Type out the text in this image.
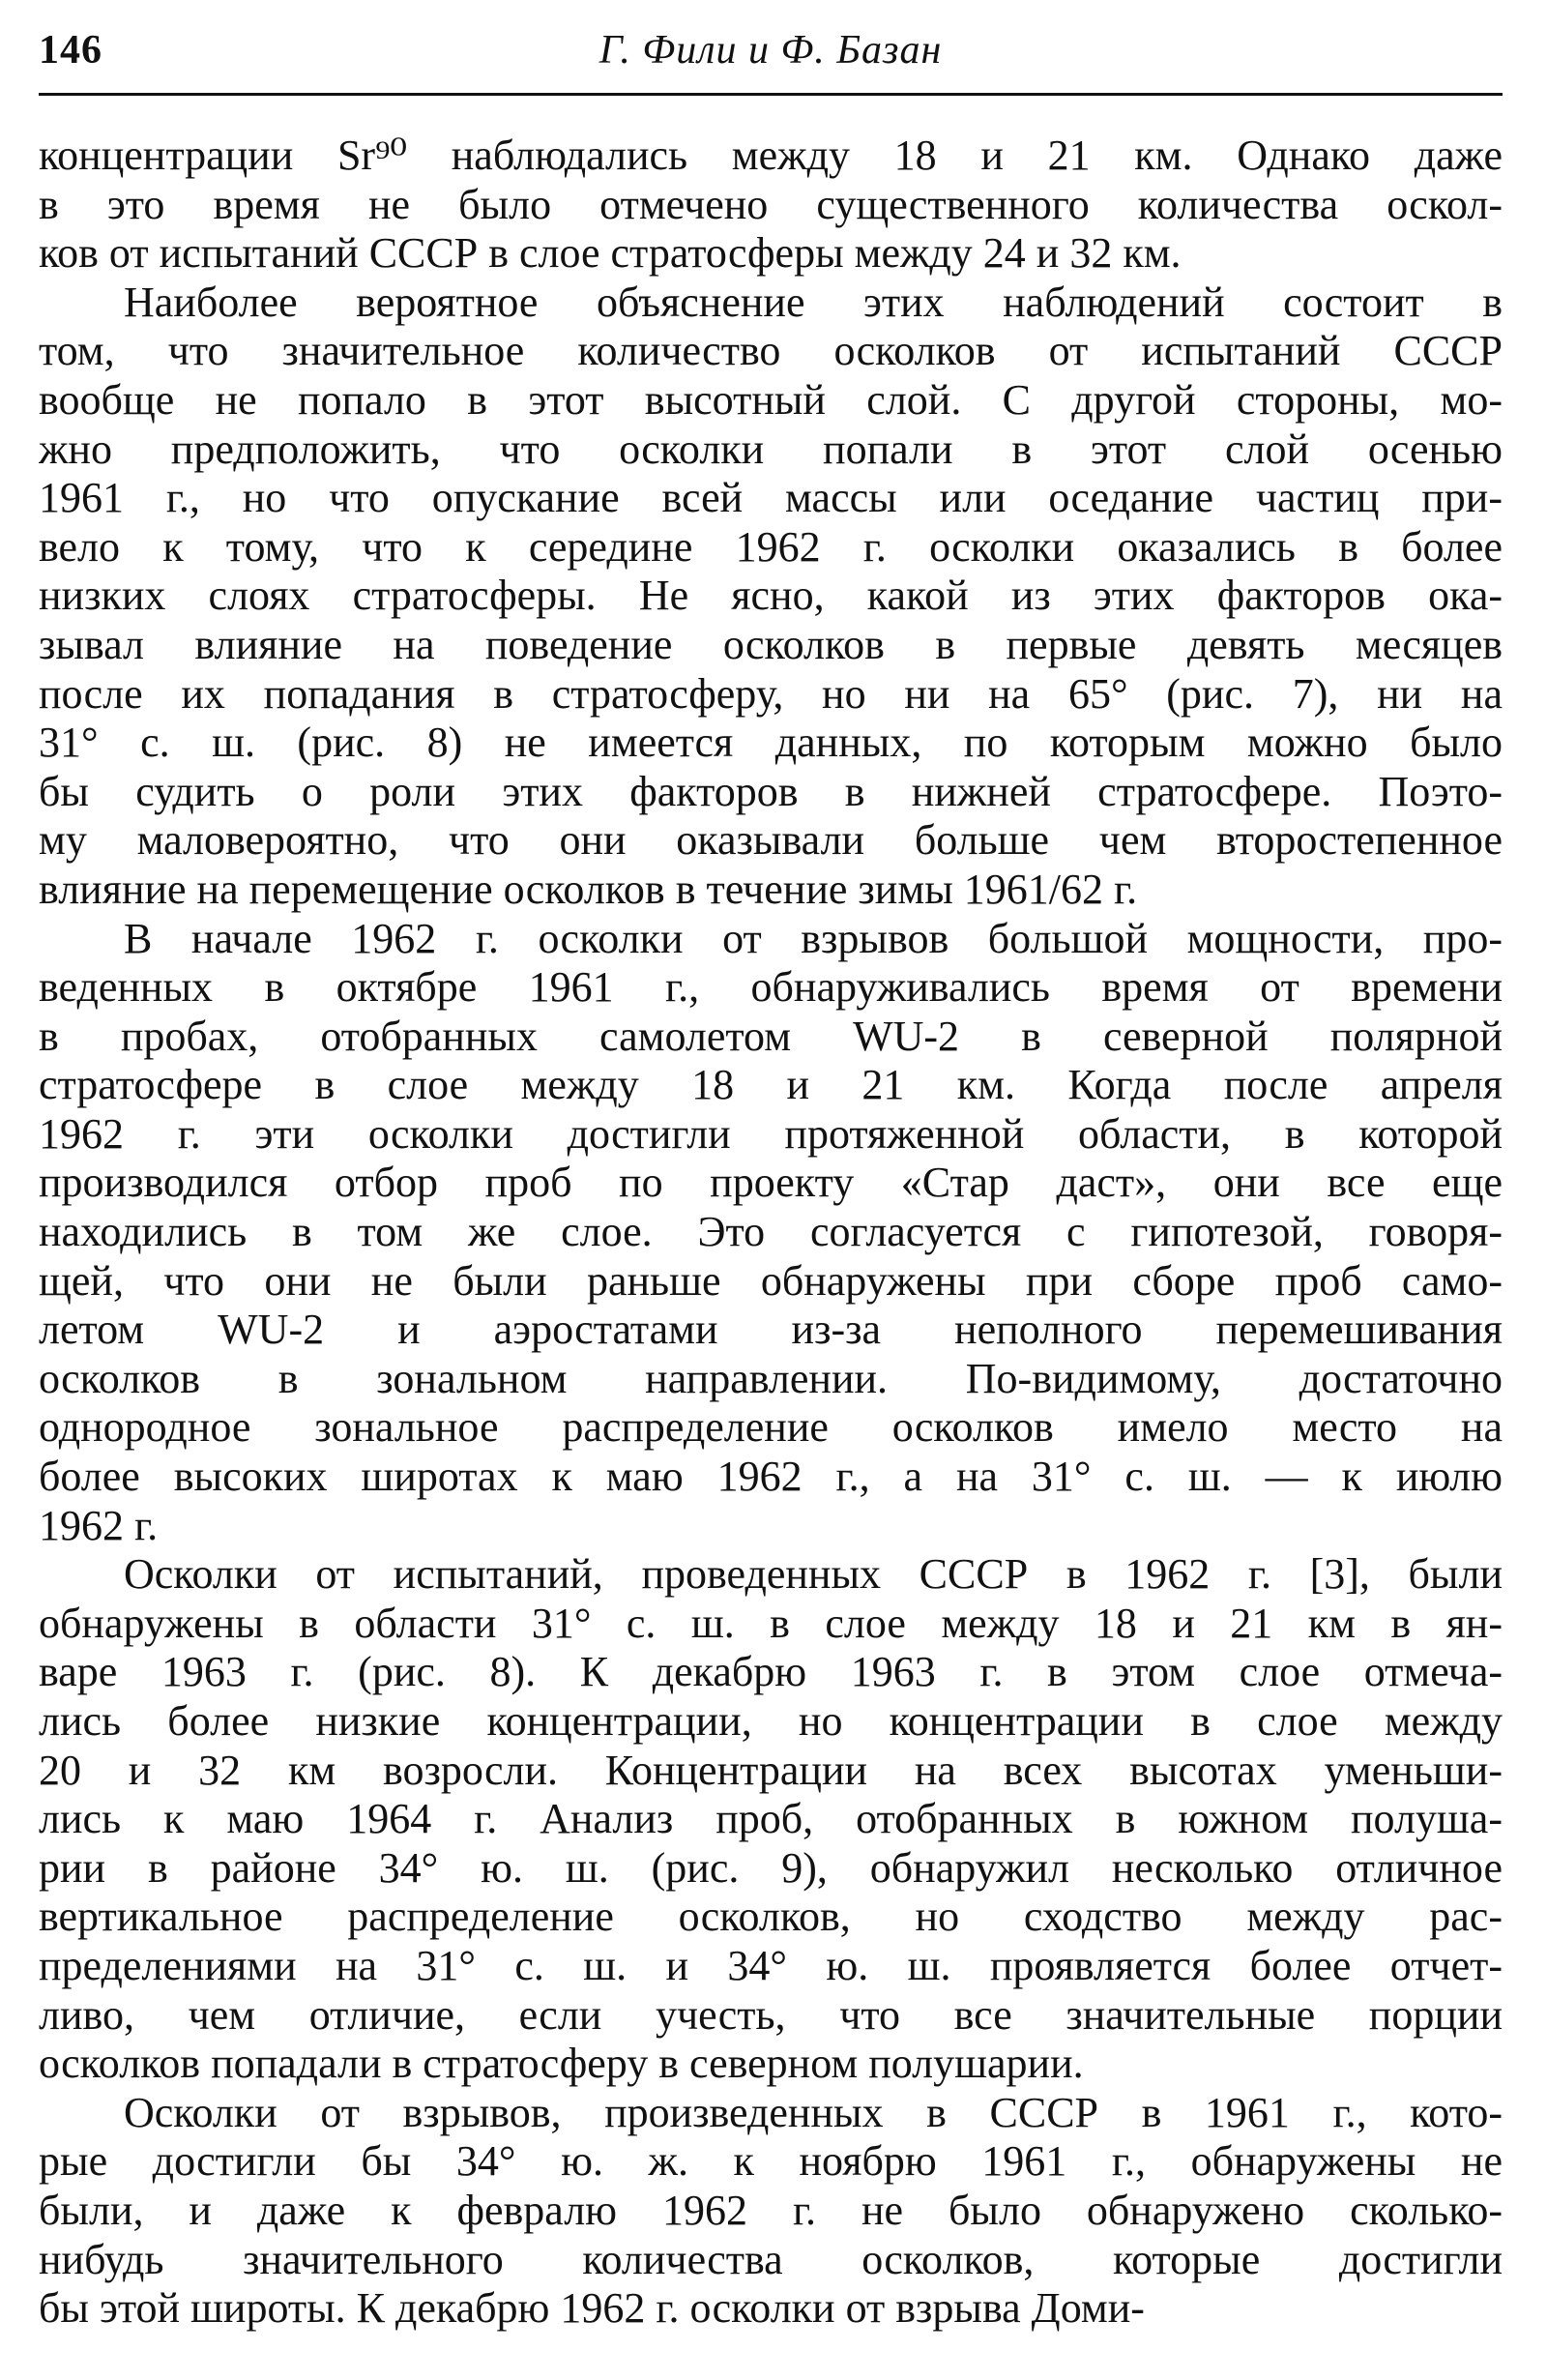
146	Г. Фили и Ф. Базан
концентрации Sr⁹⁰ наблюдались между 18 и 21 км. Однако даже
в это время не было отмечено существенного количества оскол-
ков от испытаний СССР в слое стратосферы между 24 и 32 км.
Наиболее вероятное объяснение этих наблюдений состоит в
том, что значительное количество осколков от испытаний СССР
вообще не попало в этот высотный слой. С другой стороны, мо-
жно предположить, что осколки попали в этот слой осенью
1961 г., но что опускание всей массы или оседание частиц при-
вело к тому, что к середине 1962 г. осколки оказались в более
низких слоях стратосферы. Не ясно, какой из этих факторов ока-
зывал влияние на поведение осколков в первые девять месяцев
после их попадания в стратосферу, но ни на 65° (рис. 7), ни на
31° с. ш. (рис. 8) не имеется данных, по которым можно было
бы судить о роли этих факторов в нижней стратосфере. Поэто-
му маловероятно, что они оказывали больше чем второстепенное
влияние на перемещение осколков в течение зимы 1961/62 г.
В начале 1962 г. осколки от взрывов большой мощности, про-
веденных в октябре 1961 г., обнаруживались время от времени
в пробах, отобранных самолетом WU-2 в северной полярной
стратосфере в слое между 18 и 21 км. Когда после апреля
1962 г. эти осколки достигли протяженной области, в которой
производился отбор проб по проекту «Стар даст», они все еще
находились в том же слое. Это согласуется с гипотезой, говоря-
щей, что они не были раньше обнаружены при сборе проб само-
летом WU-2 и аэростатами из-за неполного перемешивания
осколков в зональном направлении. По-видимому, достаточно
однородное зональное распределение осколков имело место на
более высоких широтах к маю 1962 г., а на 31° с. ш. — к июлю
1962 г.
Осколки от испытаний, проведенных СССР в 1962 г. [3], были
обнаружены в области 31° с. ш. в слое между 18 и 21 км в ян-
варе 1963 г. (рис. 8). К декабрю 1963 г. в этом слое отмеча-
лись более низкие концентрации, но концентрации в слое между
20 и 32 км возросли. Концентрации на всех высотах уменьши-
лись к маю 1964 г. Анализ проб, отобранных в южном полуша-
рии в районе 34° ю. ш. (рис. 9), обнаружил несколько отличное
вертикальное распределение осколков, но сходство между рас-
пределениями на 31° с. ш. и 34° ю. ш. проявляется более отчет-
ливо, чем отличие, если учесть, что все значительные порции
осколков попадали в стратосферу в северном полушарии.
Осколки от взрывов, произведенных в СССР в 1961 г., кото-
рые достигли бы 34° ю. ж. к ноябрю 1961 г., обнаружены не
были, и даже к февралю 1962 г. не было обнаружено сколько-
нибудь значительного количества осколков, которые достигли
бы этой широты. К декабрю 1962 г. осколки от взрыва Доми-
